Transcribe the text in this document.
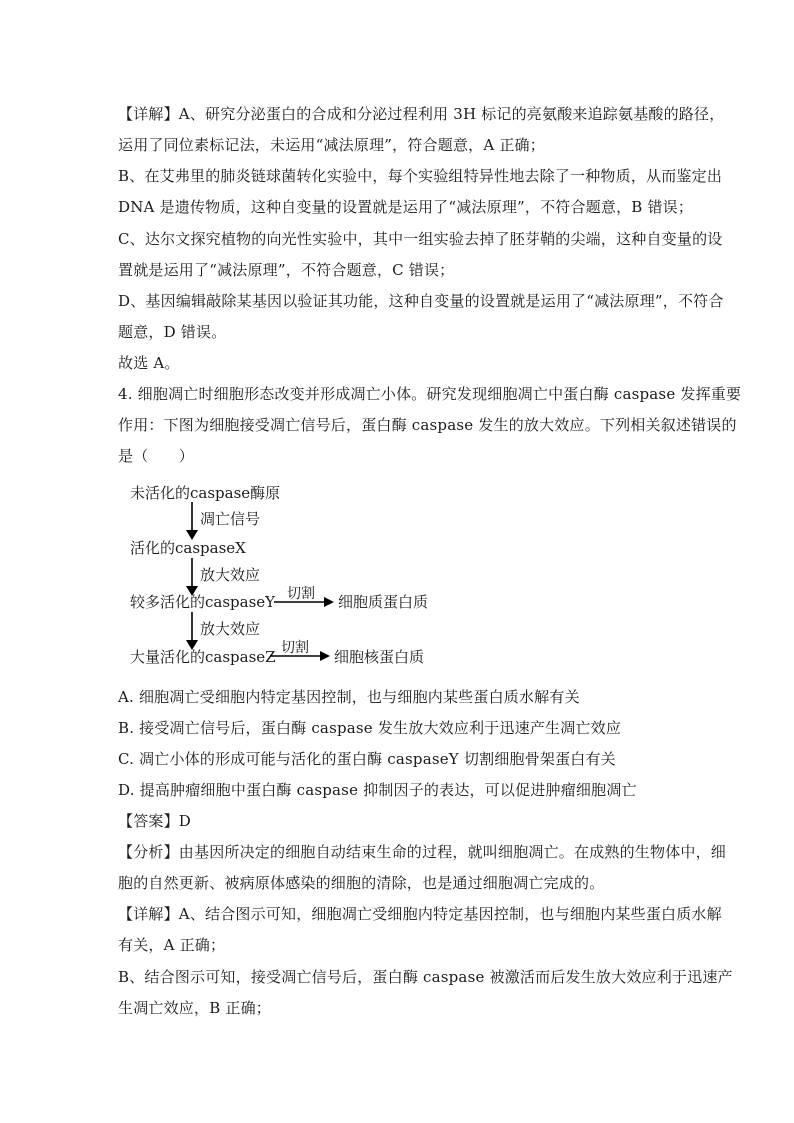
【详解】A、研究分泌蛋白的合成和分泌过程利用 3H 标记的亮氨酸来追踪氨基酸的路径，
运用了同位素标记法，未运用“减法原理”，符合题意，A 正确；
B、在艾弗里的肺炎链球菌转化实验中，每个实验组特异性地去除了一种物质，从而鉴定出
DNA 是遗传物质，这种自变量的设置就是运用了“减法原理”，不符合题意，B 错误；
C、达尔文探究植物的向光性实验中，其中一组实验去掉了胚芽鞘的尖端，这种自变量的设
置就是运用了“减法原理”，不符合题意，C 错误；
D、基因编辑敲除某基因以验证其功能，这种自变量的设置就是运用了“减法原理”，不符合
题意，D 错误。
故选 A。
4. 细胞凋亡时细胞形态改变并形成凋亡小体。研究发现细胞凋亡中蛋白酶 caspase 发挥重要
作用：下图为细胞接受凋亡信号后，蛋白酶 caspase 发生的放大效应。下列相关叙述错误的
是（　　）
未活化的caspase酶原
凋亡信号
活化的caspaseX
放大效应
较多活化的caspaseY 切割 细胞质蛋白质
放大效应
大量活化的caspaseZ 切割 细胞核蛋白质
A. 细胞凋亡受细胞内特定基因控制，也与细胞内某些蛋白质水解有关
B. 接受凋亡信号后，蛋白酶 caspase 发生放大效应利于迅速产生凋亡效应
C. 凋亡小体的形成可能与活化的蛋白酶 caspaseY 切割细胞骨架蛋白有关
D. 提高肿瘤细胞中蛋白酶 caspase 抑制因子的表达，可以促进肿瘤细胞凋亡
【答案】D
【分析】由基因所决定的细胞自动结束生命的过程，就叫细胞凋亡。在成熟的生物体中，细
胞的自然更新、被病原体感染的细胞的清除，也是通过细胞凋亡完成的。
【详解】A、结合图示可知，细胞凋亡受细胞内特定基因控制，也与细胞内某些蛋白质水解
有关，A 正确；
B、结合图示可知，接受凋亡信号后，蛋白酶 caspase 被激活而后发生放大效应利于迅速产
生凋亡效应，B 正确；
